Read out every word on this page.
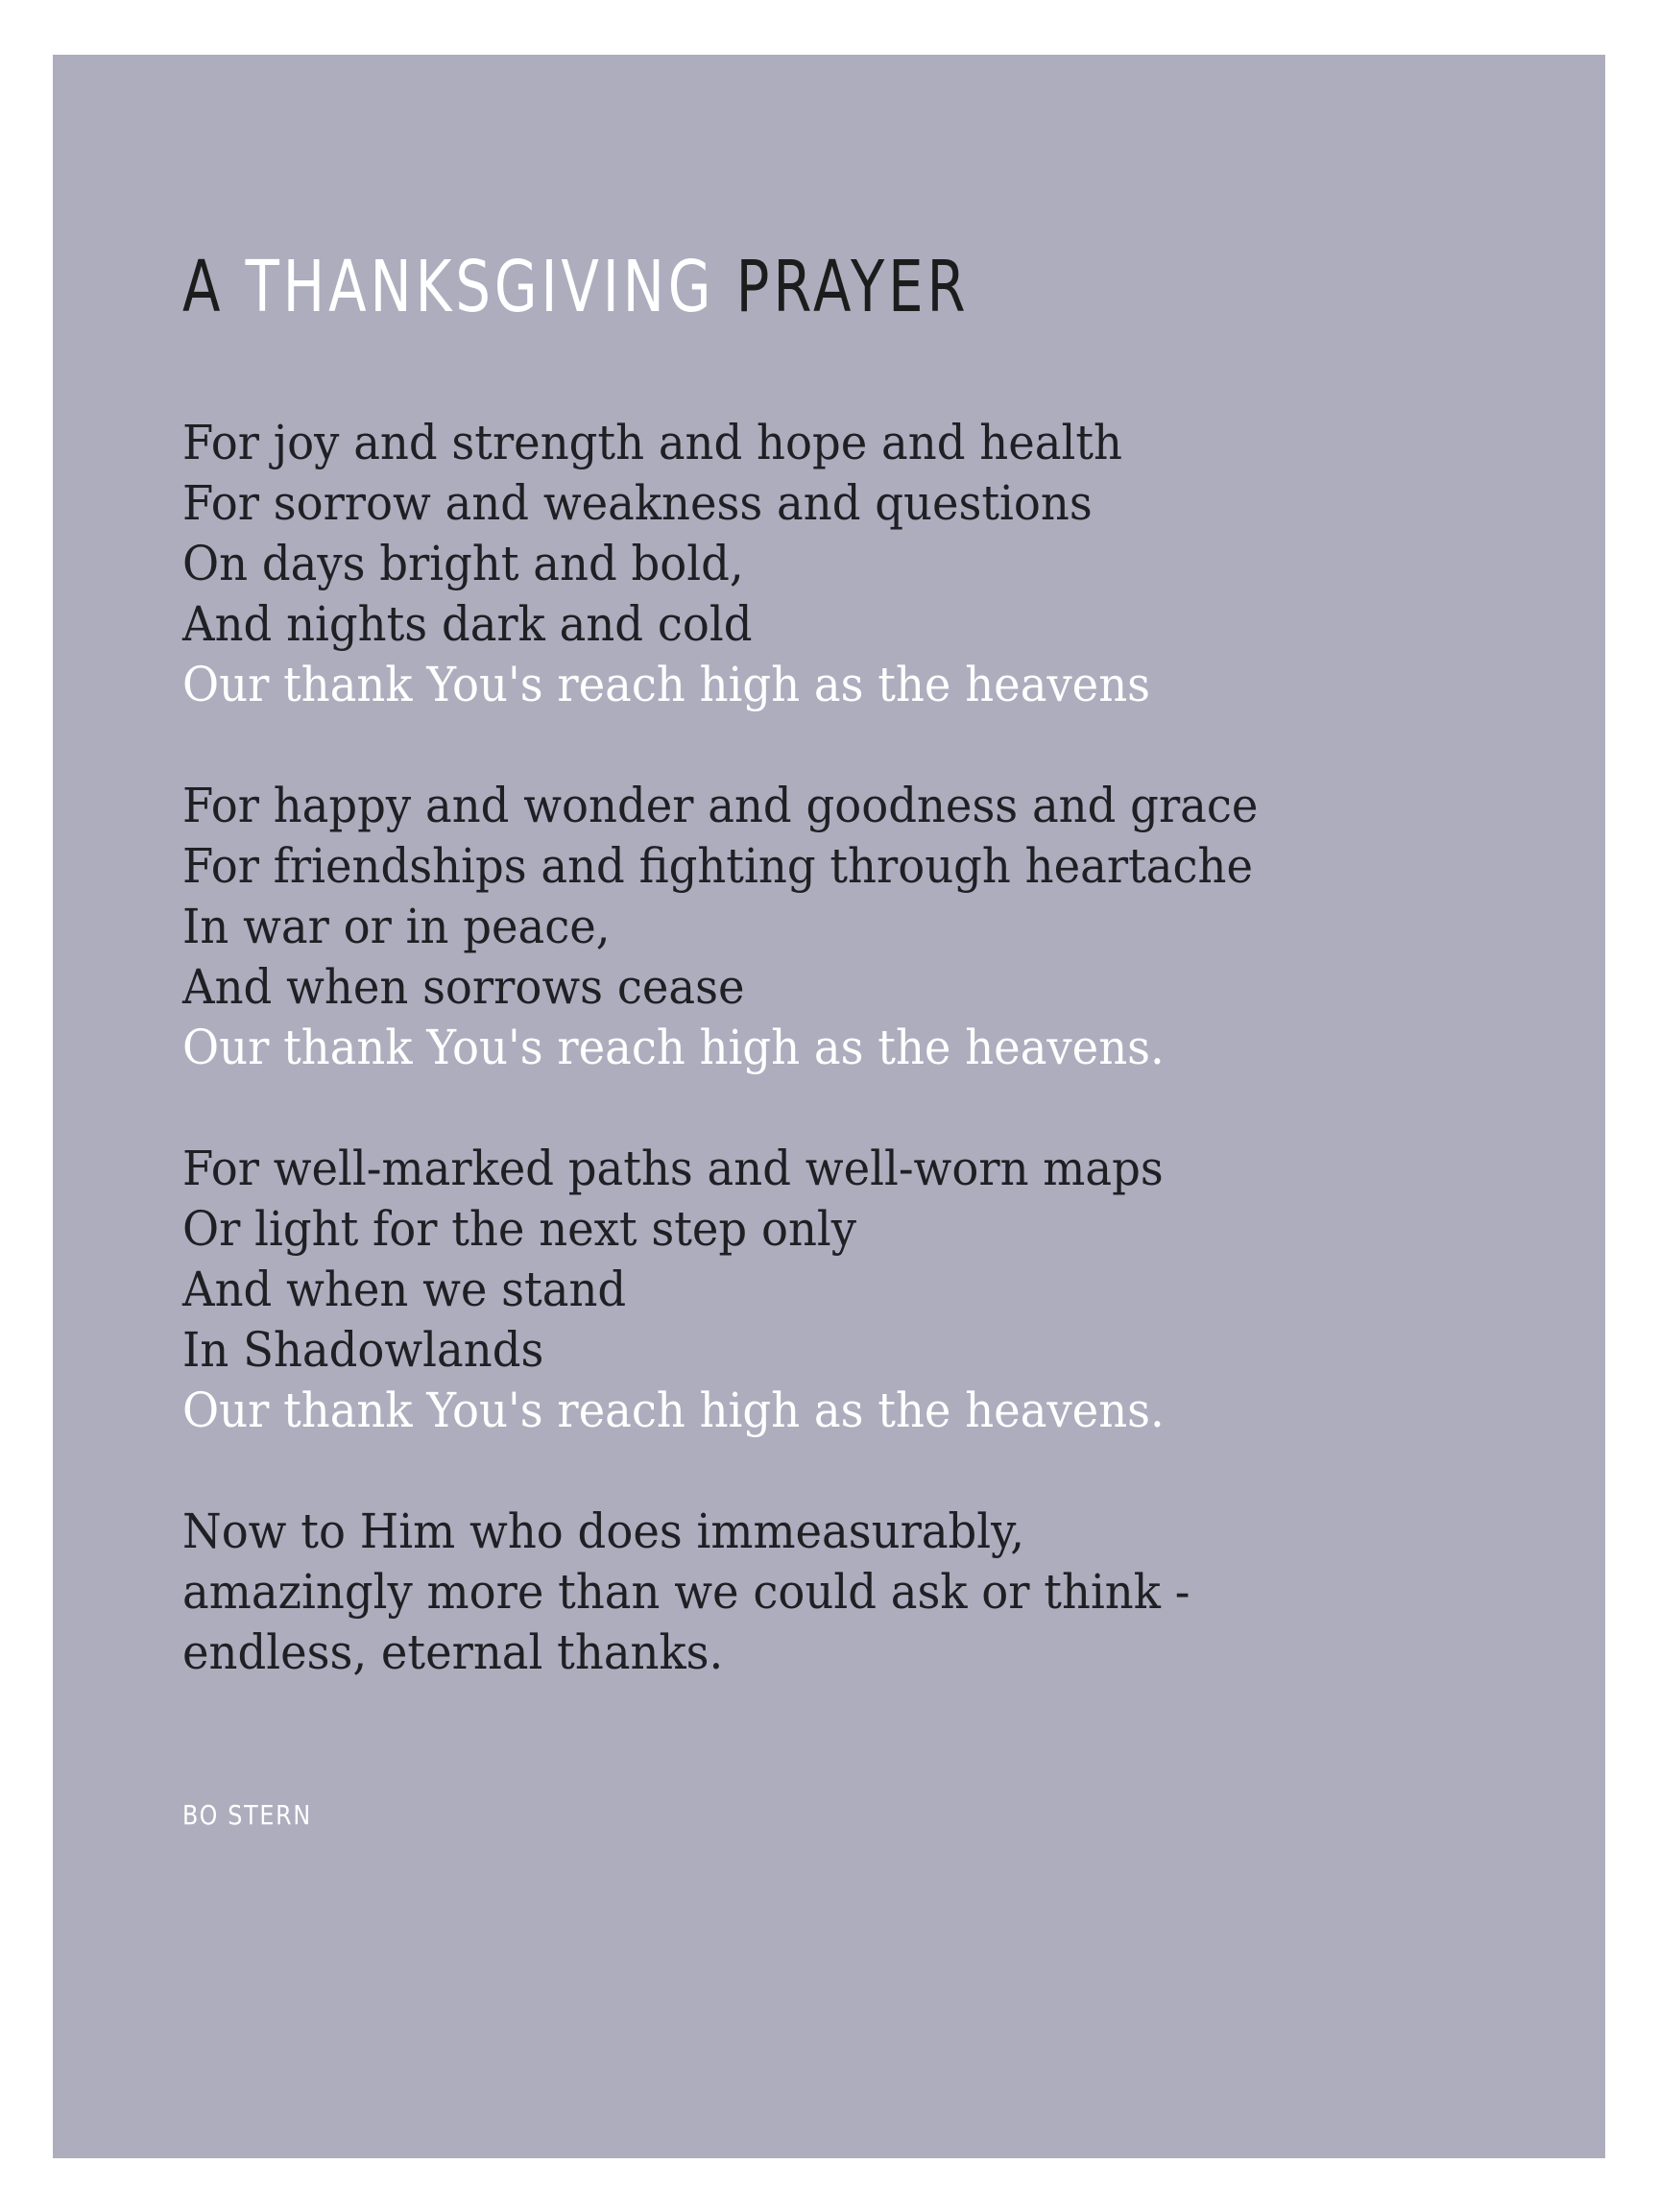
A THANKSGIVING PRAYER
For joy and strength and hope and health
For sorrow and weakness and questions
On days bright and bold,
And nights dark and cold
Our thank You's reach high as the heavens
For happy and wonder and goodness and grace
For friendships and fighting through heartache
In war or in peace,
And when sorrows cease
Our thank You's reach high as the heavens.
For well-marked paths and well-worn maps
Or light for the next step only
And when we stand
In Shadowlands
Our thank You's reach high as the heavens.
Now to Him who does immeasurably,
amazingly more than we could ask or think -
endless, eternal thanks.
BO STERN
